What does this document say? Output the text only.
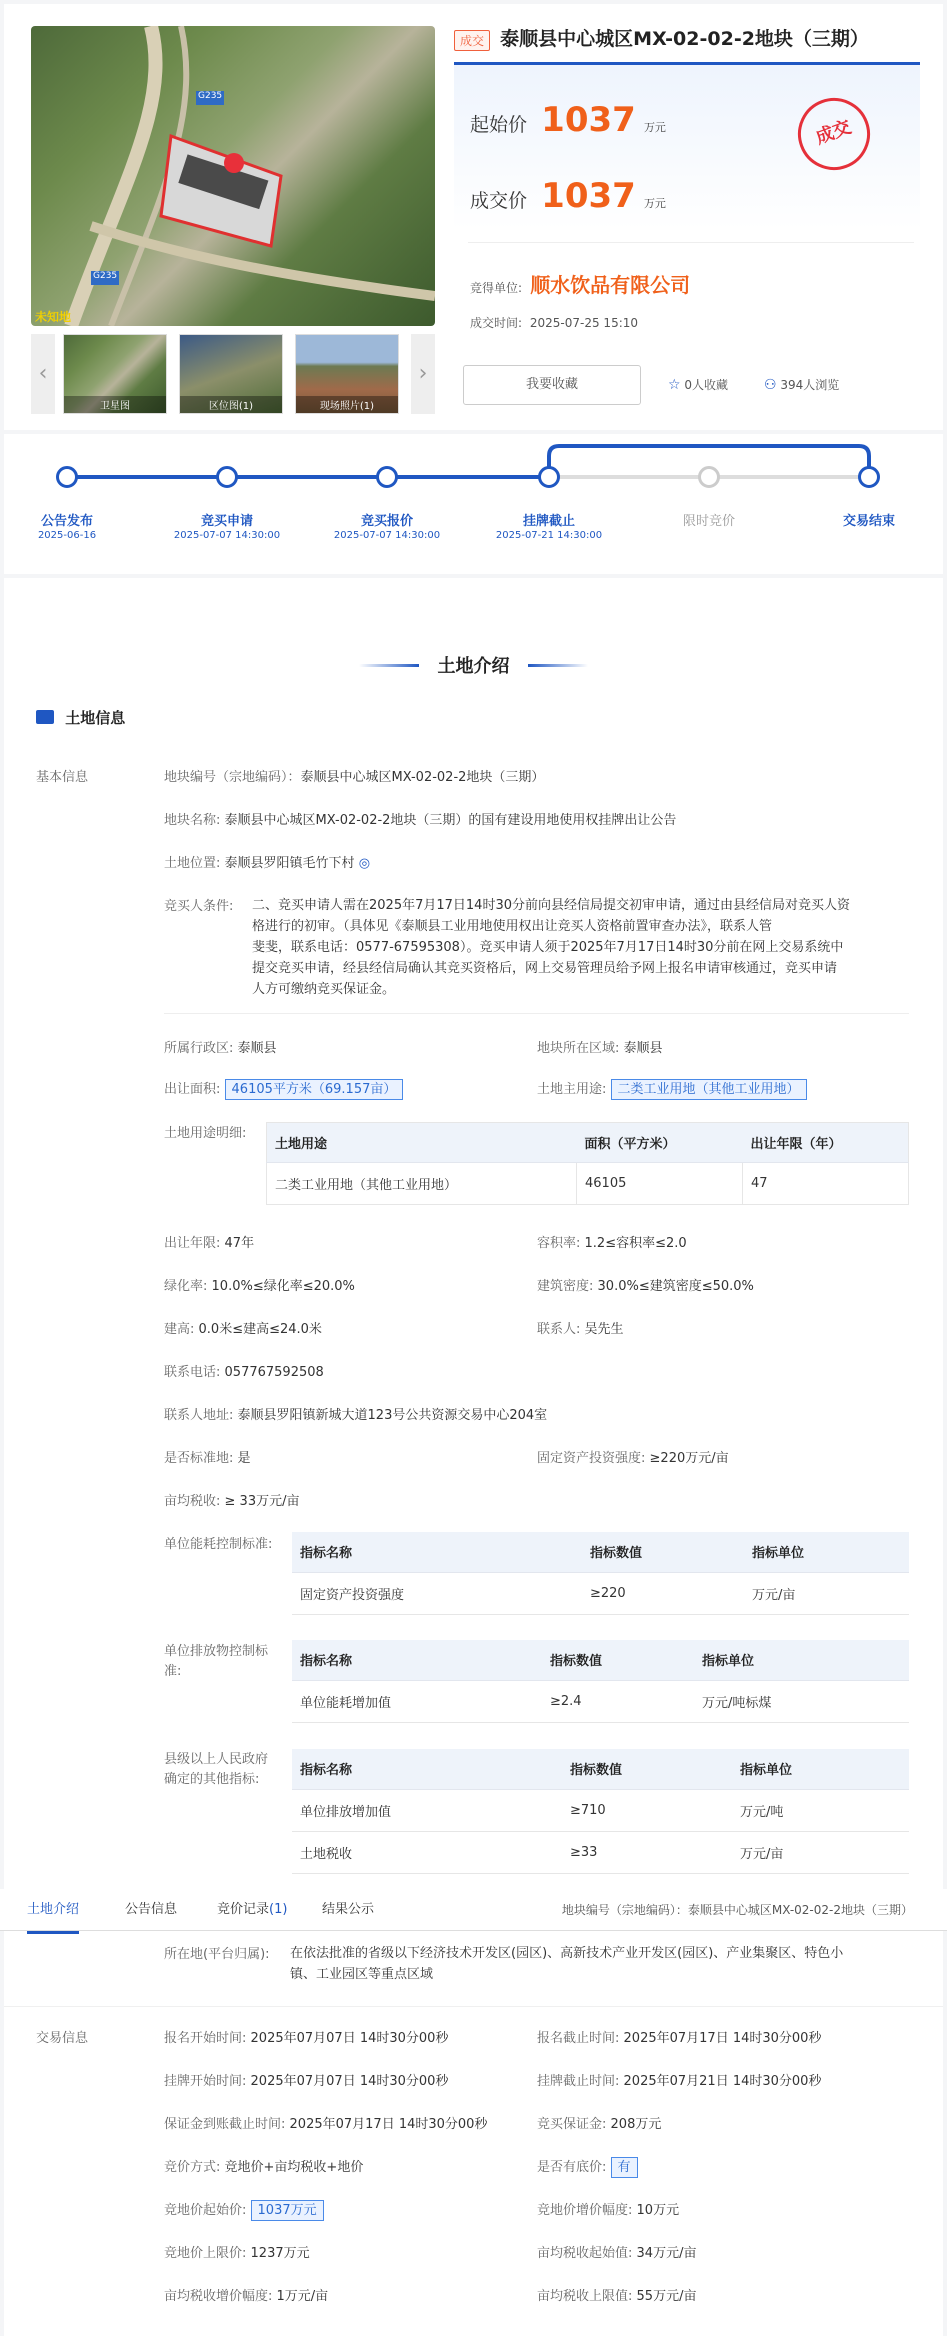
G235
G235
未知地
‹
卫星图	区位图(1)	现场照片(1)
›
成交 泰顺县中心城区MX-02-02-2地块（三期）
起始价 1037 万元
成交价 1037 万元
成交
竞得单位: 顺水饮品有限公司
成交时间: 2025-07-25 15:10
我要收藏	☆ 0人收藏	⚇ 394人浏览
公告发布
2025-06-16
竞买申请
2025-07-07 14:30:00
竞买报价
2025-07-07 14:30:00
挂牌截止
2025-07-21 14:30:00
限时竞价	交易结束
土地介绍
土地信息
基本信息	地块编号（宗地编码）：泰顺县中心城区MX-02-02-2地块（三期）
地块名称: 泰顺县中心城区MX-02-02-2地块（三期）的国有建设用地使用权挂牌出让公告
土地位置: 泰顺县罗阳镇毛竹下村 ◎
竞买人条件: 二、竞买申请人需在2025年7月17日14时30分前向县经信局提交初审申请，通过由县经信局对竞买人资
格进行的初审。（具体见《泰顺县工业用地使用权出让竞买人资格前置审查办法》，联系人管
斐斐，联系电话：0577-67595308）。竞买申请人须于2025年7月17日14时30分前在网上交易系统中
提交竞买申请，经县经信局确认其竞买资格后，网上交易管理员给予网上报名申请审核通过，竞买申请
人方可缴纳竞买保证金。
所属行政区: 泰顺县	地块所在区域: 泰顺县
出让面积: 46105平方米（69.157亩）	土地主用途: 二类工业用地（其他工业用地）
土地用途明细:
土地用途	面积（平方米）	出让年限（年）
二类工业用地（其他工业用地）	46105	47
出让年限: 47年	容积率: 1.2≤容积率≤2.0
绿化率: 10.0%≤绿化率≤20.0%	建筑密度: 30.0%≤建筑密度≤50.0%
建高: 0.0米≤建高≤24.0米	联系人: 吴先生
联系电话: 057767592508
联系人地址: 泰顺县罗阳镇新城大道123号公共资源交易中心204室
是否标准地: 是	固定资产投资强度: ≥220万元/亩
亩均税收: ≥ 33万元/亩
单位能耗控制标准:
指标名称	指标数值	指标单位
固定资产投资强度	≥220	万元/亩
单位排放物控制标
准:
指标名称	指标数值	指标单位
单位能耗增加值	≥2.4	万元/吨标煤
县级以上人民政府
确定的其他指标:
指标名称	指标数值	指标单位
单位排放增加值	≥710	万元/吨
土地税收	≥33	万元/亩
土地介绍	公告信息	竞价记录(1)	结果公示	地块编号（宗地编码）：泰顺县中心城区MX-02-02-2地块（三期）
所在地(平台归属): 在依法批准的省级以下经济技术开发区(园区)、高新技术产业开发区(园区)、产业集聚区、特色小
镇、工业园区等重点区域
交易信息	报名开始时间: 2025年07月07日 14时30分00秒	报名截止时间: 2025年07月17日 14时30分00秒
挂牌开始时间: 2025年07月07日 14时30分00秒	挂牌截止时间: 2025年07月21日 14时30分00秒
保证金到账截止时间: 2025年07月17日 14时30分00秒	竞买保证金: 208万元
竞价方式: 竞地价+亩均税收+地价	是否有底价: 有
竞地价起始价: 1037万元	竞地价增价幅度: 10万元
竞地价上限价: 1237万元	亩均税收起始值: 34万元/亩
亩均税收增价幅度: 1万元/亩	亩均税收上限值: 55万元/亩
